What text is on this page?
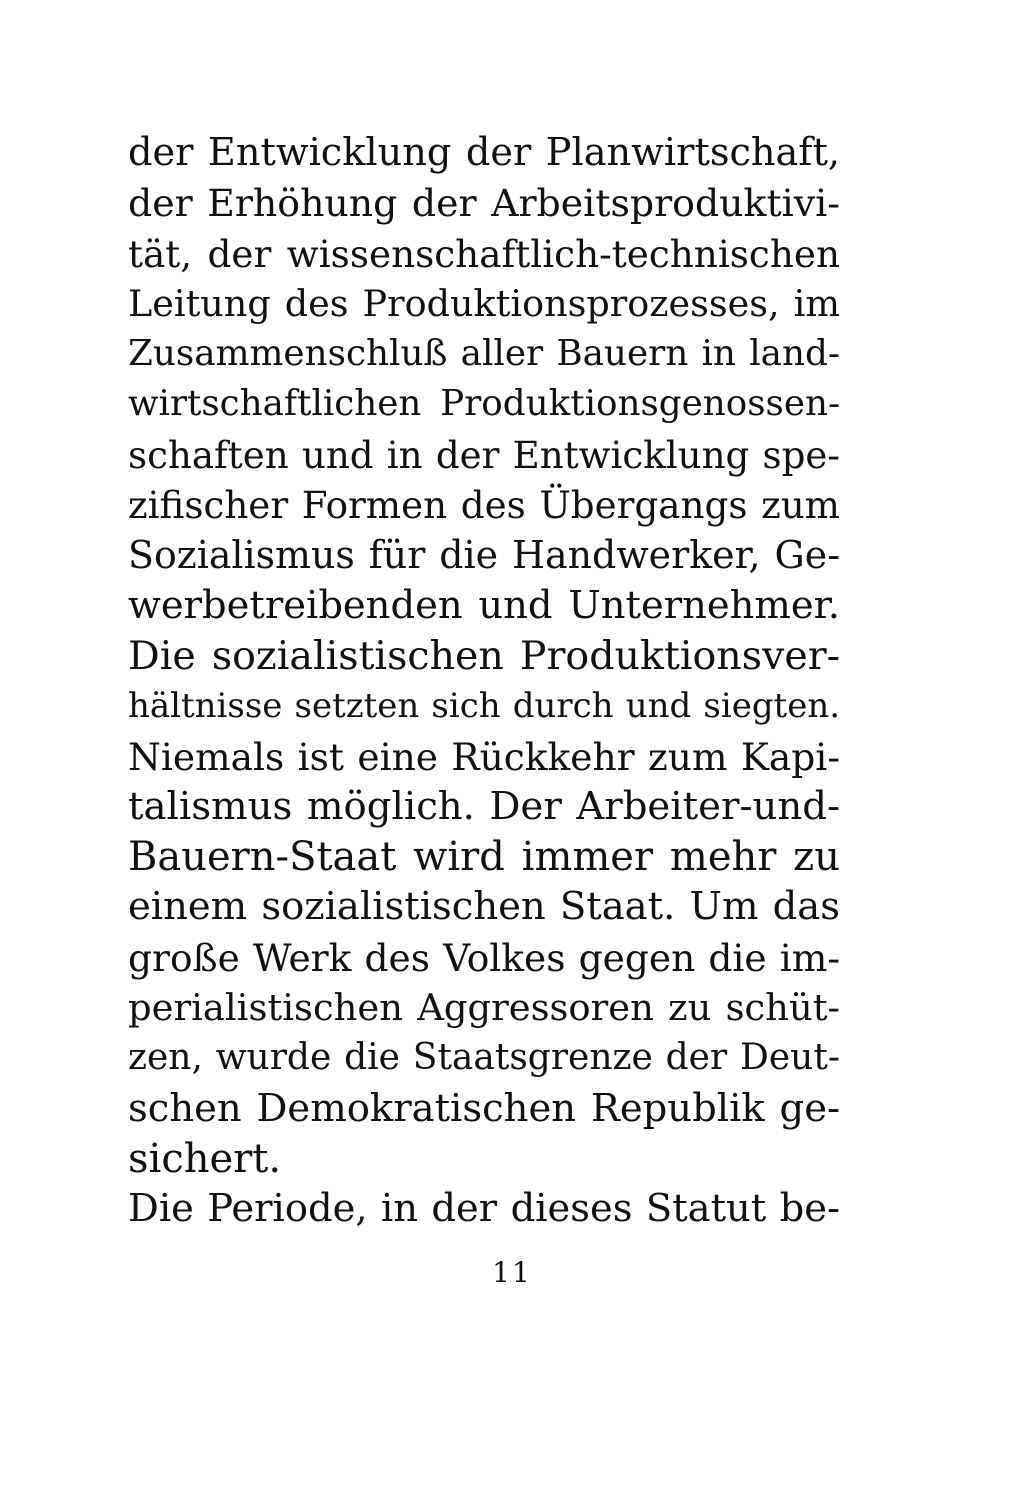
der Entwicklung der Planwirtschaft,
der Erhöhung der Arbeitsproduktivi-
tät, der wissenschaftlich-technischen
Leitung des Produktionsprozesses, im
Zusammenschluß aller Bauern in land-
wirtschaftlichen Produktionsgenossen-
schaften und in der Entwicklung spe-
zifischer Formen des Übergangs zum
Sozialismus für die Handwerker, Ge-
werbetreibenden und Unternehmer.
Die sozialistischen Produktionsver-
hältnisse setzten sich durch und siegten.
Niemals ist eine Rückkehr zum Kapi-
talismus möglich. Der Arbeiter-und-
Bauern-Staat wird immer mehr zu
einem sozialistischen Staat. Um das
große Werk des Volkes gegen die im-
perialistischen Aggressoren zu schüt-
zen, wurde die Staatsgrenze der Deut-
schen Demokratischen Republik ge-
sichert.
Die Periode, in der dieses Statut be-
11
